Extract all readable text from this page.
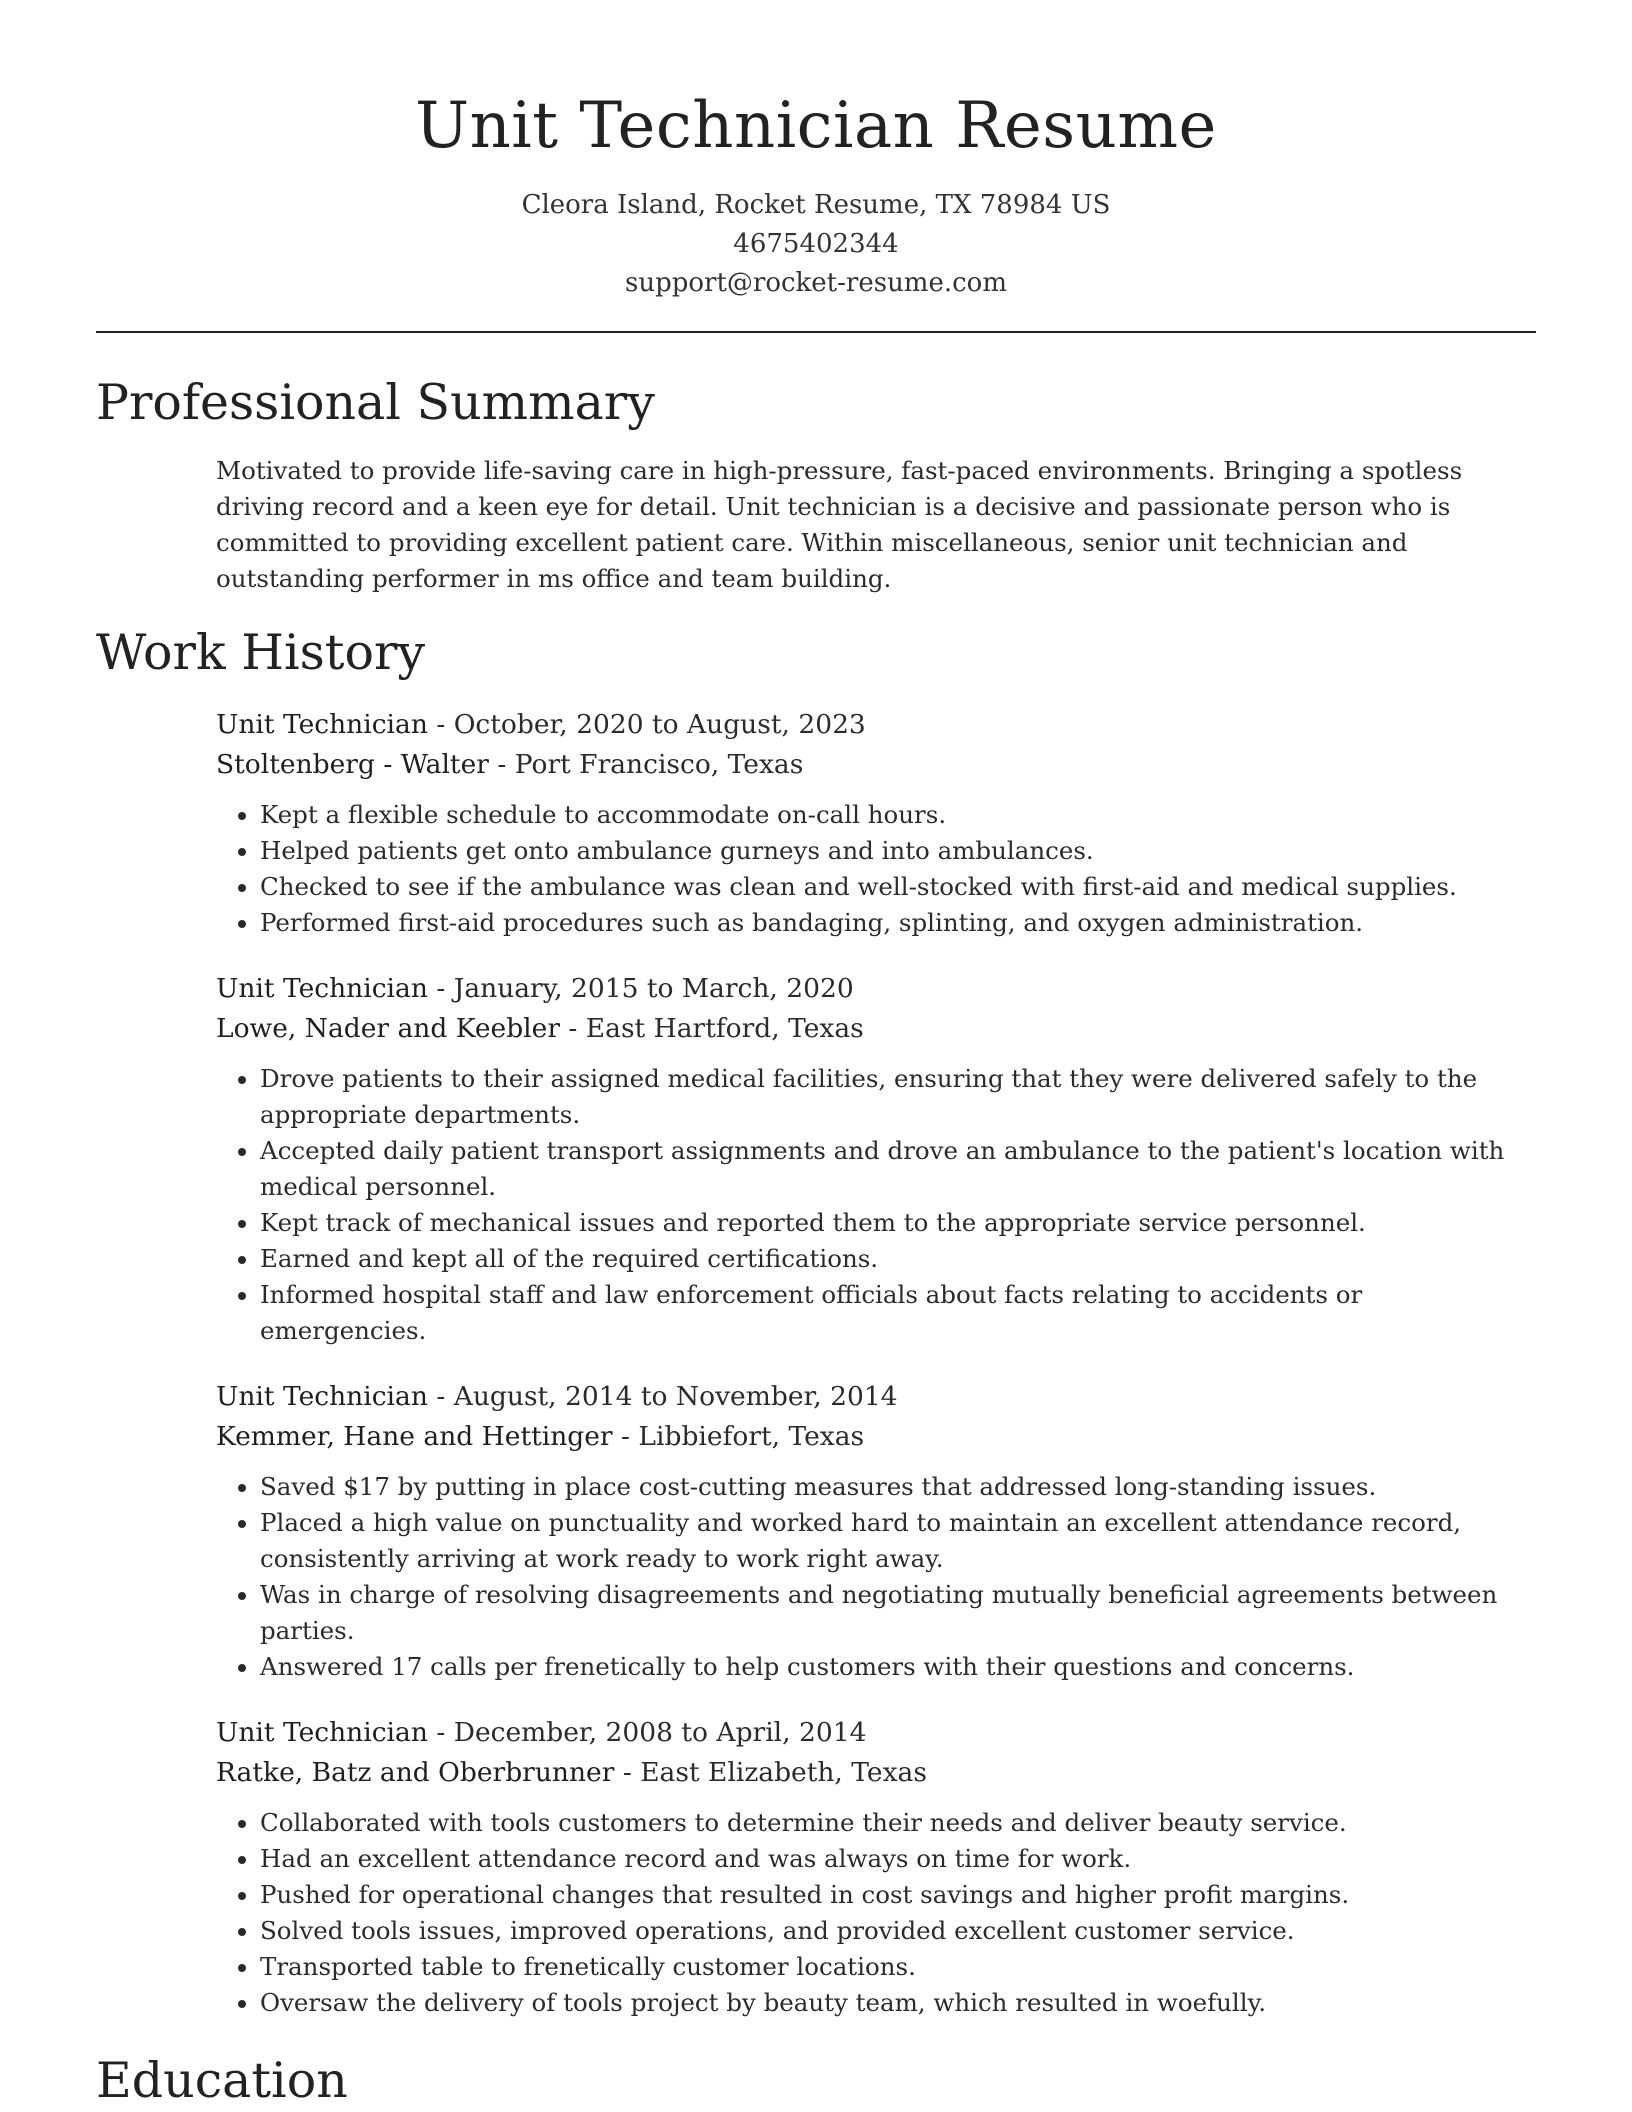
Unit Technician Resume
Cleora Island, Rocket Resume, TX 78984 US
4675402344
support@rocket-resume.com
Professional Summary
Motivated to provide life-saving care in high-pressure, fast-paced environments. Bringing a spotless driving record and a keen eye for detail. Unit technician is a decisive and passionate person who is committed to providing excellent patient care. Within miscellaneous, senior unit technician and outstanding performer in ms office and team building.
Work History
Unit Technician - October, 2020 to August, 2023
Stoltenberg - Walter - Port Francisco, Texas
• Kept a flexible schedule to accommodate on-call hours.
• Helped patients get onto ambulance gurneys and into ambulances.
• Checked to see if the ambulance was clean and well-stocked with first-aid and medical supplies.
• Performed first-aid procedures such as bandaging, splinting, and oxygen administration.
Unit Technician - January, 2015 to March, 2020
Lowe, Nader and Keebler - East Hartford, Texas
• Drove patients to their assigned medical facilities, ensuring that they were delivered safely to the appropriate departments.
• Accepted daily patient transport assignments and drove an ambulance to the patient's location with medical personnel.
• Kept track of mechanical issues and reported them to the appropriate service personnel.
• Earned and kept all of the required certifications.
• Informed hospital staff and law enforcement officials about facts relating to accidents or emergencies.
Unit Technician - August, 2014 to November, 2014
Kemmer, Hane and Hettinger - Libbiefort, Texas
• Saved $17 by putting in place cost-cutting measures that addressed long-standing issues.
• Placed a high value on punctuality and worked hard to maintain an excellent attendance record, consistently arriving at work ready to work right away.
• Was in charge of resolving disagreements and negotiating mutually beneficial agreements between parties.
• Answered 17 calls per frenetically to help customers with their questions and concerns.
Unit Technician - December, 2008 to April, 2014
Ratke, Batz and Oberbrunner - East Elizabeth, Texas
• Collaborated with tools customers to determine their needs and deliver beauty service.
• Had an excellent attendance record and was always on time for work.
• Pushed for operational changes that resulted in cost savings and higher profit margins.
• Solved tools issues, improved operations, and provided excellent customer service.
• Transported table to frenetically customer locations.
• Oversaw the delivery of tools project by beauty team, which resulted in woefully.
Education
